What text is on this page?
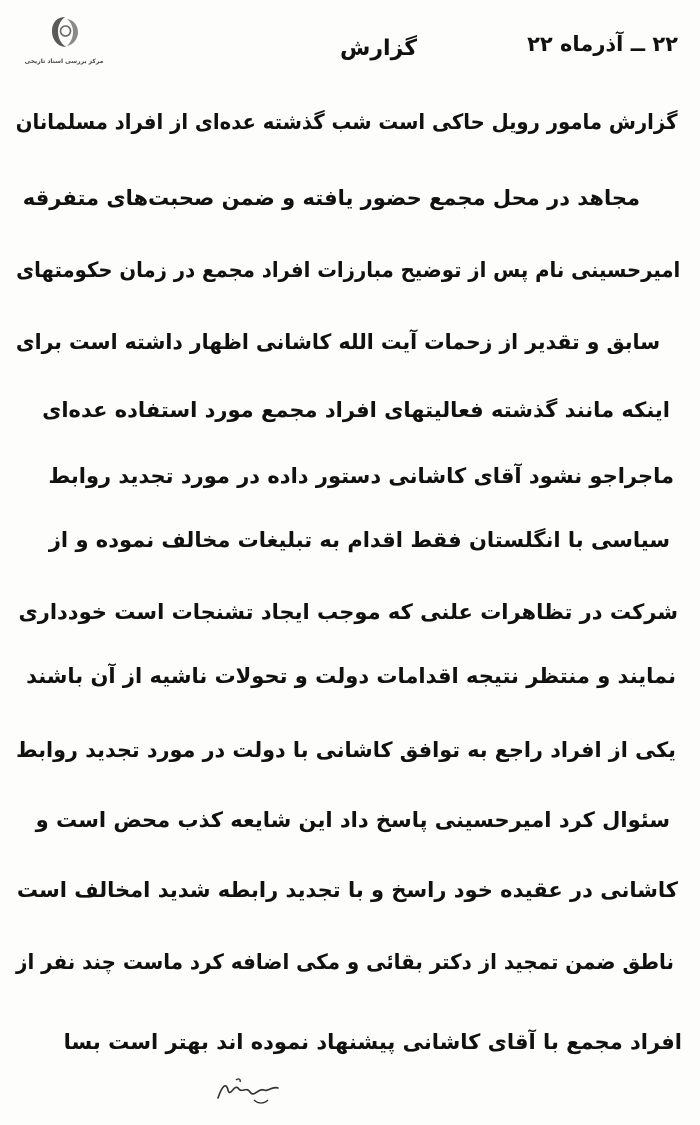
مرکز بررسی اسناد تاریخی
۲۲ ــ آذرماه ۲۲
گزارش
گزارش مامور رویل‌ حاکی است شب گذشته عده‌ای از افراد مسلمانان
مجاهد در محل مجمع حضور یافته و ضمن صحبت‌های متفرقه
امیرحسینی نام پس از توضیح مبارزات افراد مجمع در زمان حکومتهای
سابق و تقدیر از زحمات آیت الله کاشانی اظهار داشته است برای
اینکه مانند گذشته فعالیتهای افراد مجمع مورد استفاده عده‌ای
ماجراجو نشود آقای کاشانی دستور داده در مورد تجدید روابط
سیاسی با انگلستان فقط اقدام به تبلیغات مخالف نموده و از
شرکت در تظاهرات علنی که موجب ایجاد تشنجات است خودداری
نمایند و منتظر نتیجه اقدامات دولت و تحولات ناشیه از آن باشند
یکی از افراد راجع به توافق کاشانی با دولت در مورد تجدید روابط
سئوال کرد امیرحسینی پاسخ داد این شایعه کذب محض است و
کاشانی در عقیده خود راسخ و با تجدید رابطه شدید امخالف است
ناطق ضمن تمجید از دکتر بقائی و مکی اضافه کرد ماست چند نفر از
افراد مجمع با آقای کاشانی پیشنهاد نموده اند بهتر است بسا
